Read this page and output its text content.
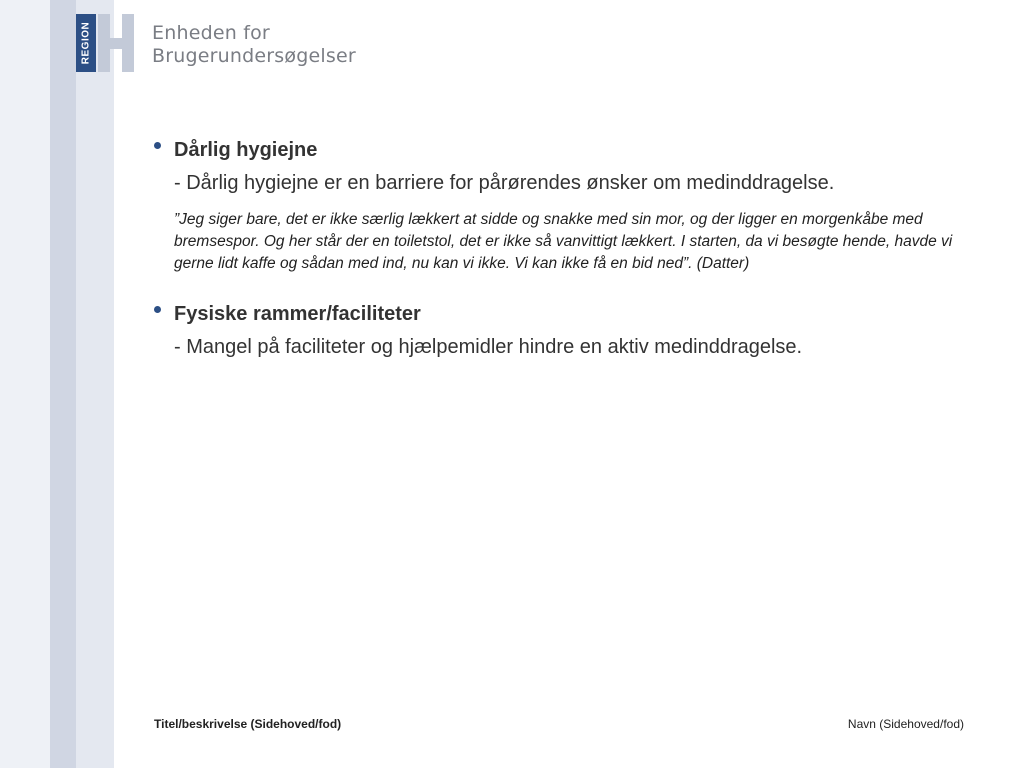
REGION	Enheden for
Brugerundersøgelser
Dårlig hygiejne
- Dårlig hygiejne er en barriere for pårørendes ønsker om medinddragelse.
”Jeg siger bare, det er ikke særlig lækkert at sidde og snakke med sin mor, og der ligger en morgenkåbe med bremsespor. Og her står der en toiletstol, det er ikke så vanvittigt lækkert. I starten, da vi besøgte hende, havde vi gerne lidt kaffe og sådan med ind, nu kan vi ikke. Vi kan ikke få en bid ned”. (Datter)
Fysiske rammer/faciliteter
- Mangel på faciliteter og hjælpemidler hindre en aktiv medinddragelse.
Titel/beskrivelse (Sidehoved/fod)	Navn (Sidehoved/fod)
